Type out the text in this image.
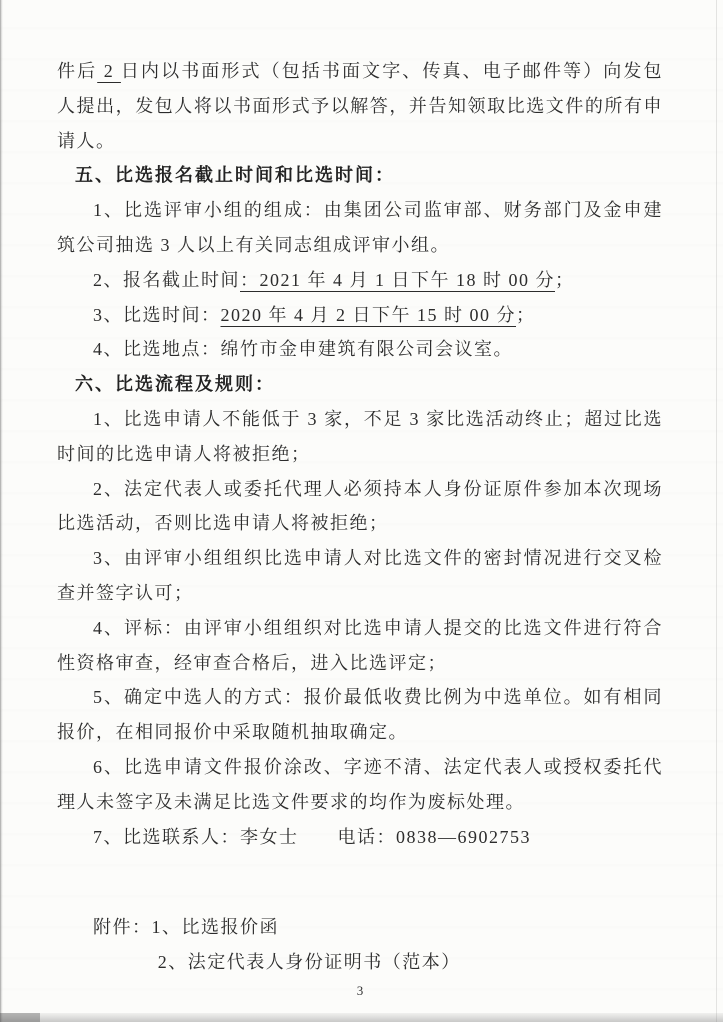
件后 2 日内以书面形式（包括书面文字、传真、电子邮件等）向发包人提出，发包人将以书面形式予以解答，并告知领取比选文件的所有申请人。

五、比选报名截止时间和比选时间：

1、比选评审小组的组成：由集团公司监审部、财务部门及金申建筑公司抽选 3 人以上有关同志组成评审小组。

2、报名截止时间：2021 年 4 月 1 日下午 18 时 00 分；

3、比选时间：2020 年 4 月 2 日下午 15 时 00 分；

4、比选地点：绵竹市金申建筑有限公司会议室。

六、比选流程及规则：

1、比选申请人不能低于 3 家，不足 3 家比选活动终止；超过比选时间的比选申请人将被拒绝；

2、法定代表人或委托代理人必须持本人身份证原件参加本次现场比选活动，否则比选申请人将被拒绝；

3、由评审小组组织比选申请人对比选文件的密封情况进行交叉检查并签字认可；

4、评标：由评审小组组织对比选申请人提交的比选文件进行符合性资格审查，经审查合格后，进入比选评定；

5、确定中选人的方式：报价最低收费比例为中选单位。如有相同报价，在相同报价中采取随机抽取确定。

6、比选申请文件报价涂改、字迹不清、法定代表人或授权委托代理人未签字及未满足比选文件要求的均作为废标处理。

7、比选联系人：李女士　　电话：0838—6902753

附件：1、比选报价函

2、法定代表人身份证明书（范本）

3
